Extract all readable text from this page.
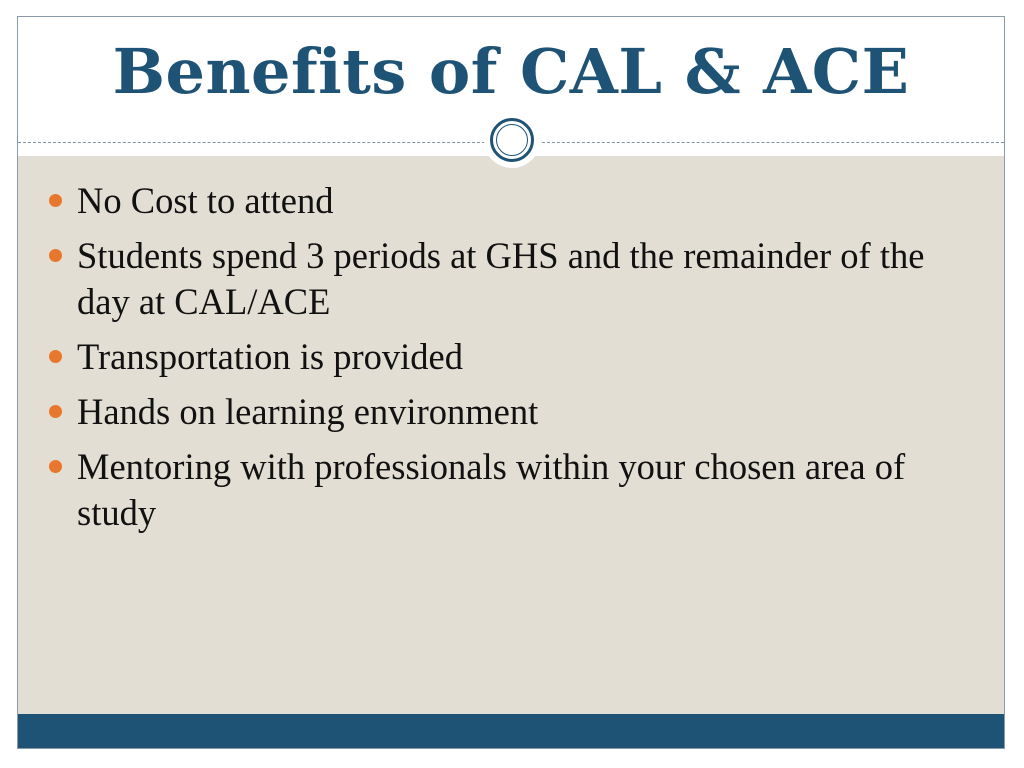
Benefits of CAL & ACE
No Cost to attend
Students spend 3 periods at GHS and the remainder of the day at CAL/ACE
Transportation is provided
Hands on learning environment
Mentoring with professionals within your chosen area of study
